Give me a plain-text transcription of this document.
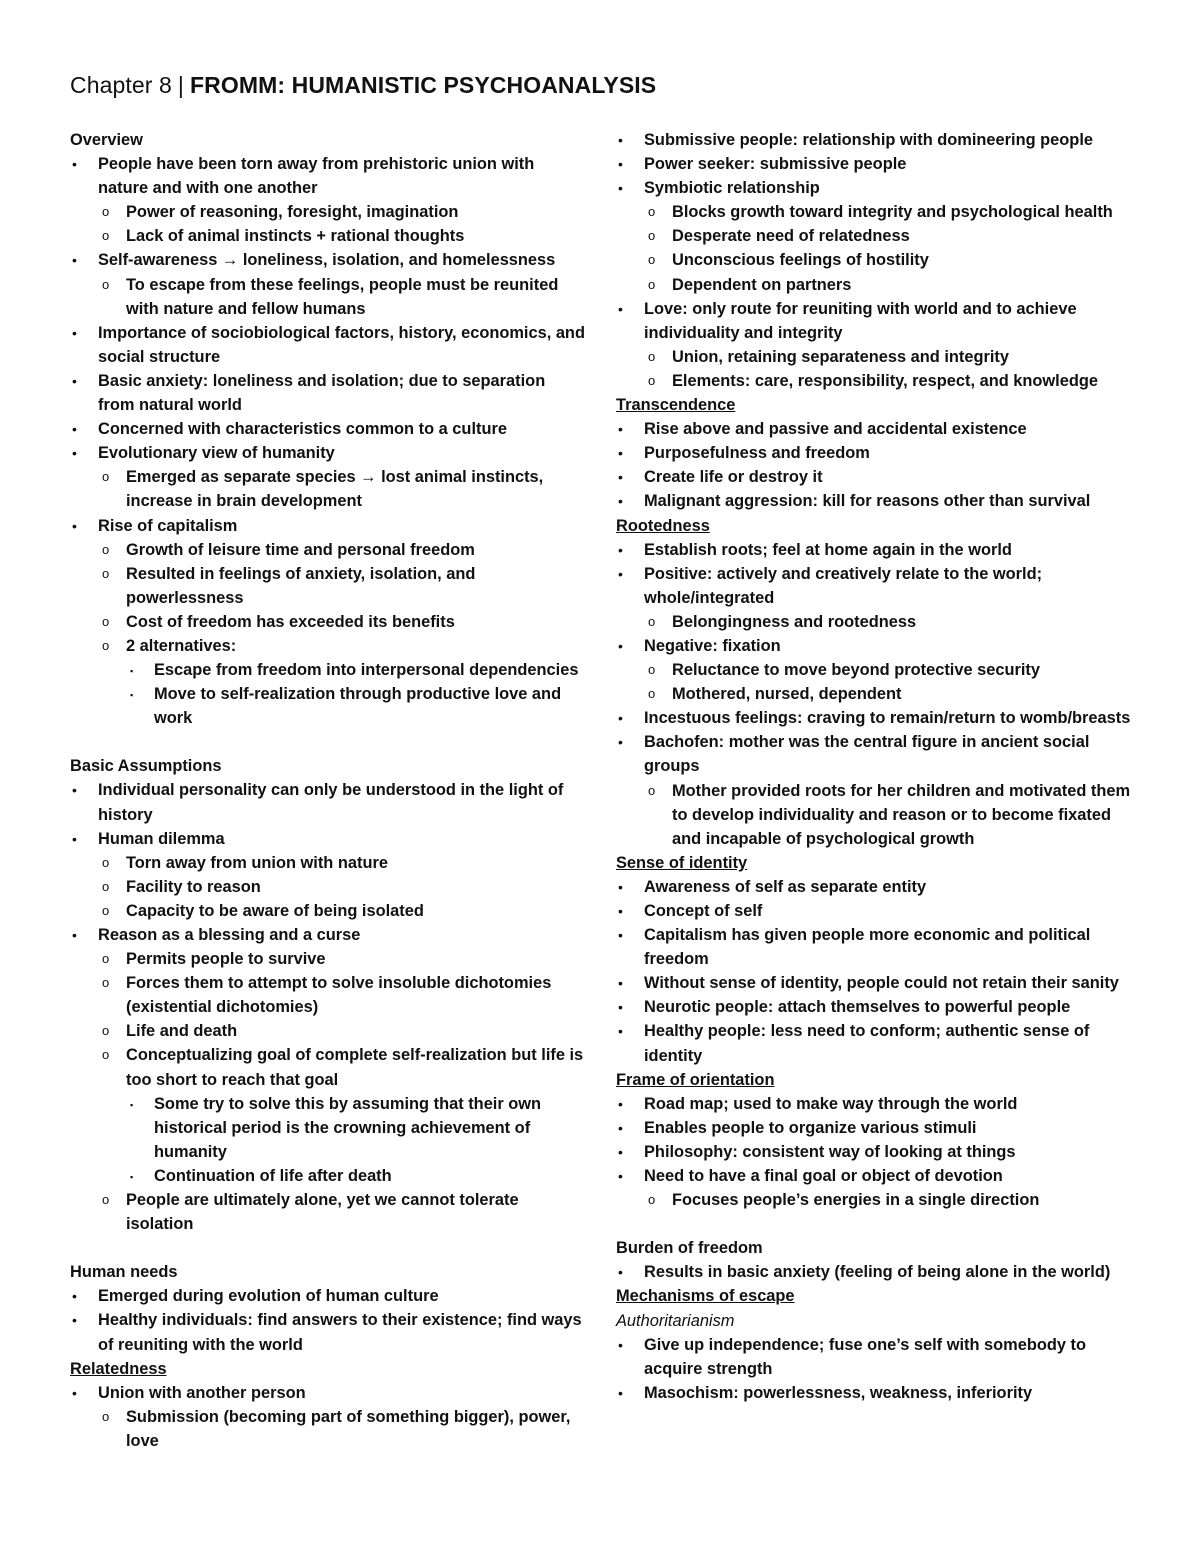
Chapter 8 | FROMM: HUMANISTIC PSYCHOANALYSIS
Overview
• People have been torn away from prehistoric union with nature and with one another
o Power of reasoning, foresight, imagination
o Lack of animal instincts + rational thoughts
• Self-awareness → loneliness, isolation, and homelessness
o To escape from these feelings, people must be reunited with nature and fellow humans
• Importance of sociobiological factors, history, economics, and social structure
• Basic anxiety: loneliness and isolation; due to separation from natural world
• Concerned with characteristics common to a culture
• Evolutionary view of humanity
o Emerged as separate species → lost animal instincts, increase in brain development
• Rise of capitalism
o Growth of leisure time and personal freedom
o Resulted in feelings of anxiety, isolation, and powerlessness
o Cost of freedom has exceeded its benefits
o 2 alternatives:
▪ Escape from freedom into interpersonal dependencies
▪ Move to self-realization through productive love and work
Basic Assumptions
• Individual personality can only be understood in the light of history
• Human dilemma
o Torn away from union with nature
o Facility to reason
o Capacity to be aware of being isolated
• Reason as a blessing and a curse
o Permits people to survive
o Forces them to attempt to solve insoluble dichotomies (existential dichotomies)
o Life and death
o Conceptualizing goal of complete self-realization but life is too short to reach that goal
▪ Some try to solve this by assuming that their own historical period is the crowning achievement of humanity
▪ Continuation of life after death
o People are ultimately alone, yet we cannot tolerate isolation
Human needs
• Emerged during evolution of human culture
• Healthy individuals: find answers to their existence; find ways of reuniting with the world
Relatedness
• Union with another person
o Submission (becoming part of something bigger), power, love
• Submissive people: relationship with domineering people
• Power seeker: submissive people
• Symbiotic relationship
o Blocks growth toward integrity and psychological health
o Desperate need of relatedness
o Unconscious feelings of hostility
o Dependent on partners
• Love: only route for reuniting with world and to achieve individuality and integrity
o Union, retaining separateness and integrity
o Elements: care, responsibility, respect, and knowledge
Transcendence
• Rise above and passive and accidental existence
• Purposefulness and freedom
• Create life or destroy it
• Malignant aggression: kill for reasons other than survival
Rootedness
• Establish roots; feel at home again in the world
• Positive: actively and creatively relate to the world; whole/integrated
o Belongingness and rootedness
• Negative: fixation
o Reluctance to move beyond protective security
o Mothered, nursed, dependent
• Incestuous feelings: craving to remain/return to womb/breasts
• Bachofen: mother was the central figure in ancient social groups
o Mother provided roots for her children and motivated them to develop individuality and reason or to become fixated and incapable of psychological growth
Sense of identity
• Awareness of self as separate entity
• Concept of self
• Capitalism has given people more economic and political freedom
• Without sense of identity, people could not retain their sanity
• Neurotic people: attach themselves to powerful people
• Healthy people: less need to conform; authentic sense of identity
Frame of orientation
• Road map; used to make way through the world
• Enables people to organize various stimuli
• Philosophy: consistent way of looking at things
• Need to have a final goal or object of devotion
o Focuses people’s energies in a single direction
Burden of freedom
• Results in basic anxiety (feeling of being alone in the world)
Mechanisms of escape
Authoritarianism
• Give up independence; fuse one’s self with somebody to acquire strength
• Masochism: powerlessness, weakness, inferiority
